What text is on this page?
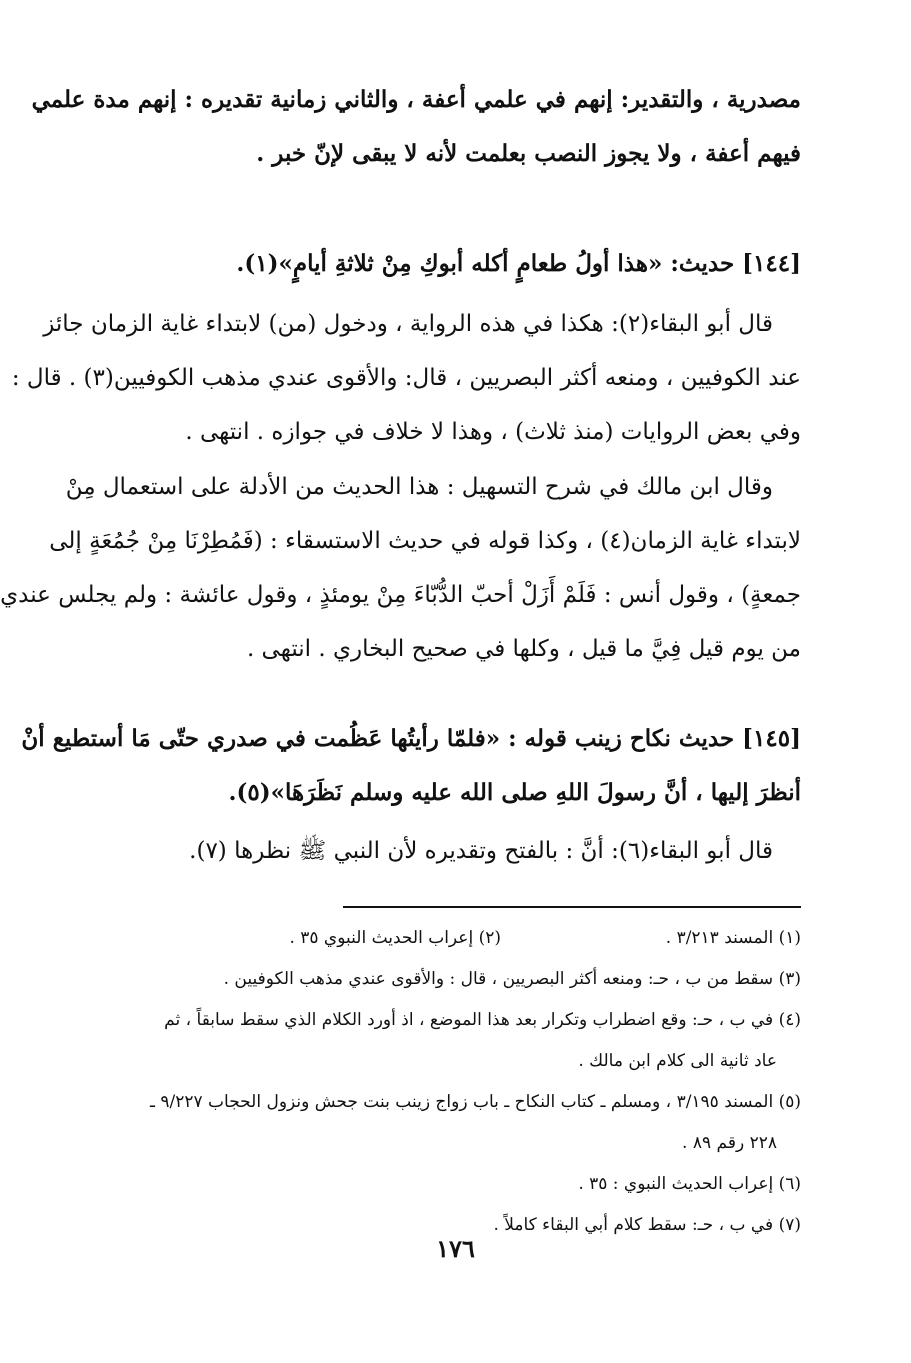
مصدرية ، والتقدير: إنهم في علمي أعفة ، والثاني زمانية تقديره : إنهم مدة علمي
فيهم أعفة ، ولا يجوز النصب بعلمت لأنه لا يبقى لإنّ خبر .
[١٤٤] حديث: «هذا أولُ طعامٍ أكله أبوكِ مِنْ ثلاثةِ أيامٍ»(١).
قال أبو البقاء(٢): هكذا في هذه الرواية ، ودخول (من) لابتداء غاية الزمان جائز
عند الكوفيين ، ومنعه أكثر البصريين ، قال: والأقوى عندي مذهب الكوفيين(٣) . قال :
وفي بعض الروايات (منذ ثلاث) ، وهذا لا خلاف في جوازه . انتهى .
وقال ابن مالك في شرح التسهيل : هذا الحديث من الأدلة على استعمال مِنْ
لابتداء غاية الزمان(٤) ، وكذا قوله في حديث الاستسقاء : (فَمُطِرْنَا مِنْ جُمُعَةٍ إلى
جمعةٍ) ، وقول أنس : فَلَمْ أَزَلْ أحبّ الدُّبّاءَ مِنْ يومئذٍ ، وقول عائشة : ولم يجلس عندي
من يوم قيل فِيَّ ما قيل ، وكلها في صحيح البخاري . انتهى .
[١٤٥] حديث نكاح زينب قوله : «فلمّا رأيتُها عَظُمت في صدري حتّى مَا أستطيع أنْ
أنظرَ إليها ، أنَّ رسولَ اللهِ صلى الله عليه وسلم نَظَرَهَا»(٥).
قال أبو البقاء(٦): أنَّ : بالفتح وتقديره لأن النبي ﷺ نظرها (٧).
(١) المسند ٣/٢١٣ .
(٢) إعراب الحديث النبوي ٣٥ .
(٣) سقط من ب ، حـ: ومنعه أكثر البصريين ، قال : والأقوى عندي مذهب الكوفيين .
(٤) في ب ، حـ: وقع اضطراب وتكرار بعد هذا الموضع ، اذ أورد الكلام الذي سقط سابقاً ، ثم
عاد ثانية الى كلام ابن مالك .
(٥) المسند ٣/١٩٥ ، ومسلم ـ كتاب النكاح ـ باب زواج زينب بنت جحش ونزول الحجاب ٩/٢٢٧ ـ
٢٢٨ رقم ٨٩ .
(٦) إعراب الحديث النبوي : ٣٥ .
(٧) في ب ، حـ: سقط كلام أبي البقاء كاملاً .
١٧٦
